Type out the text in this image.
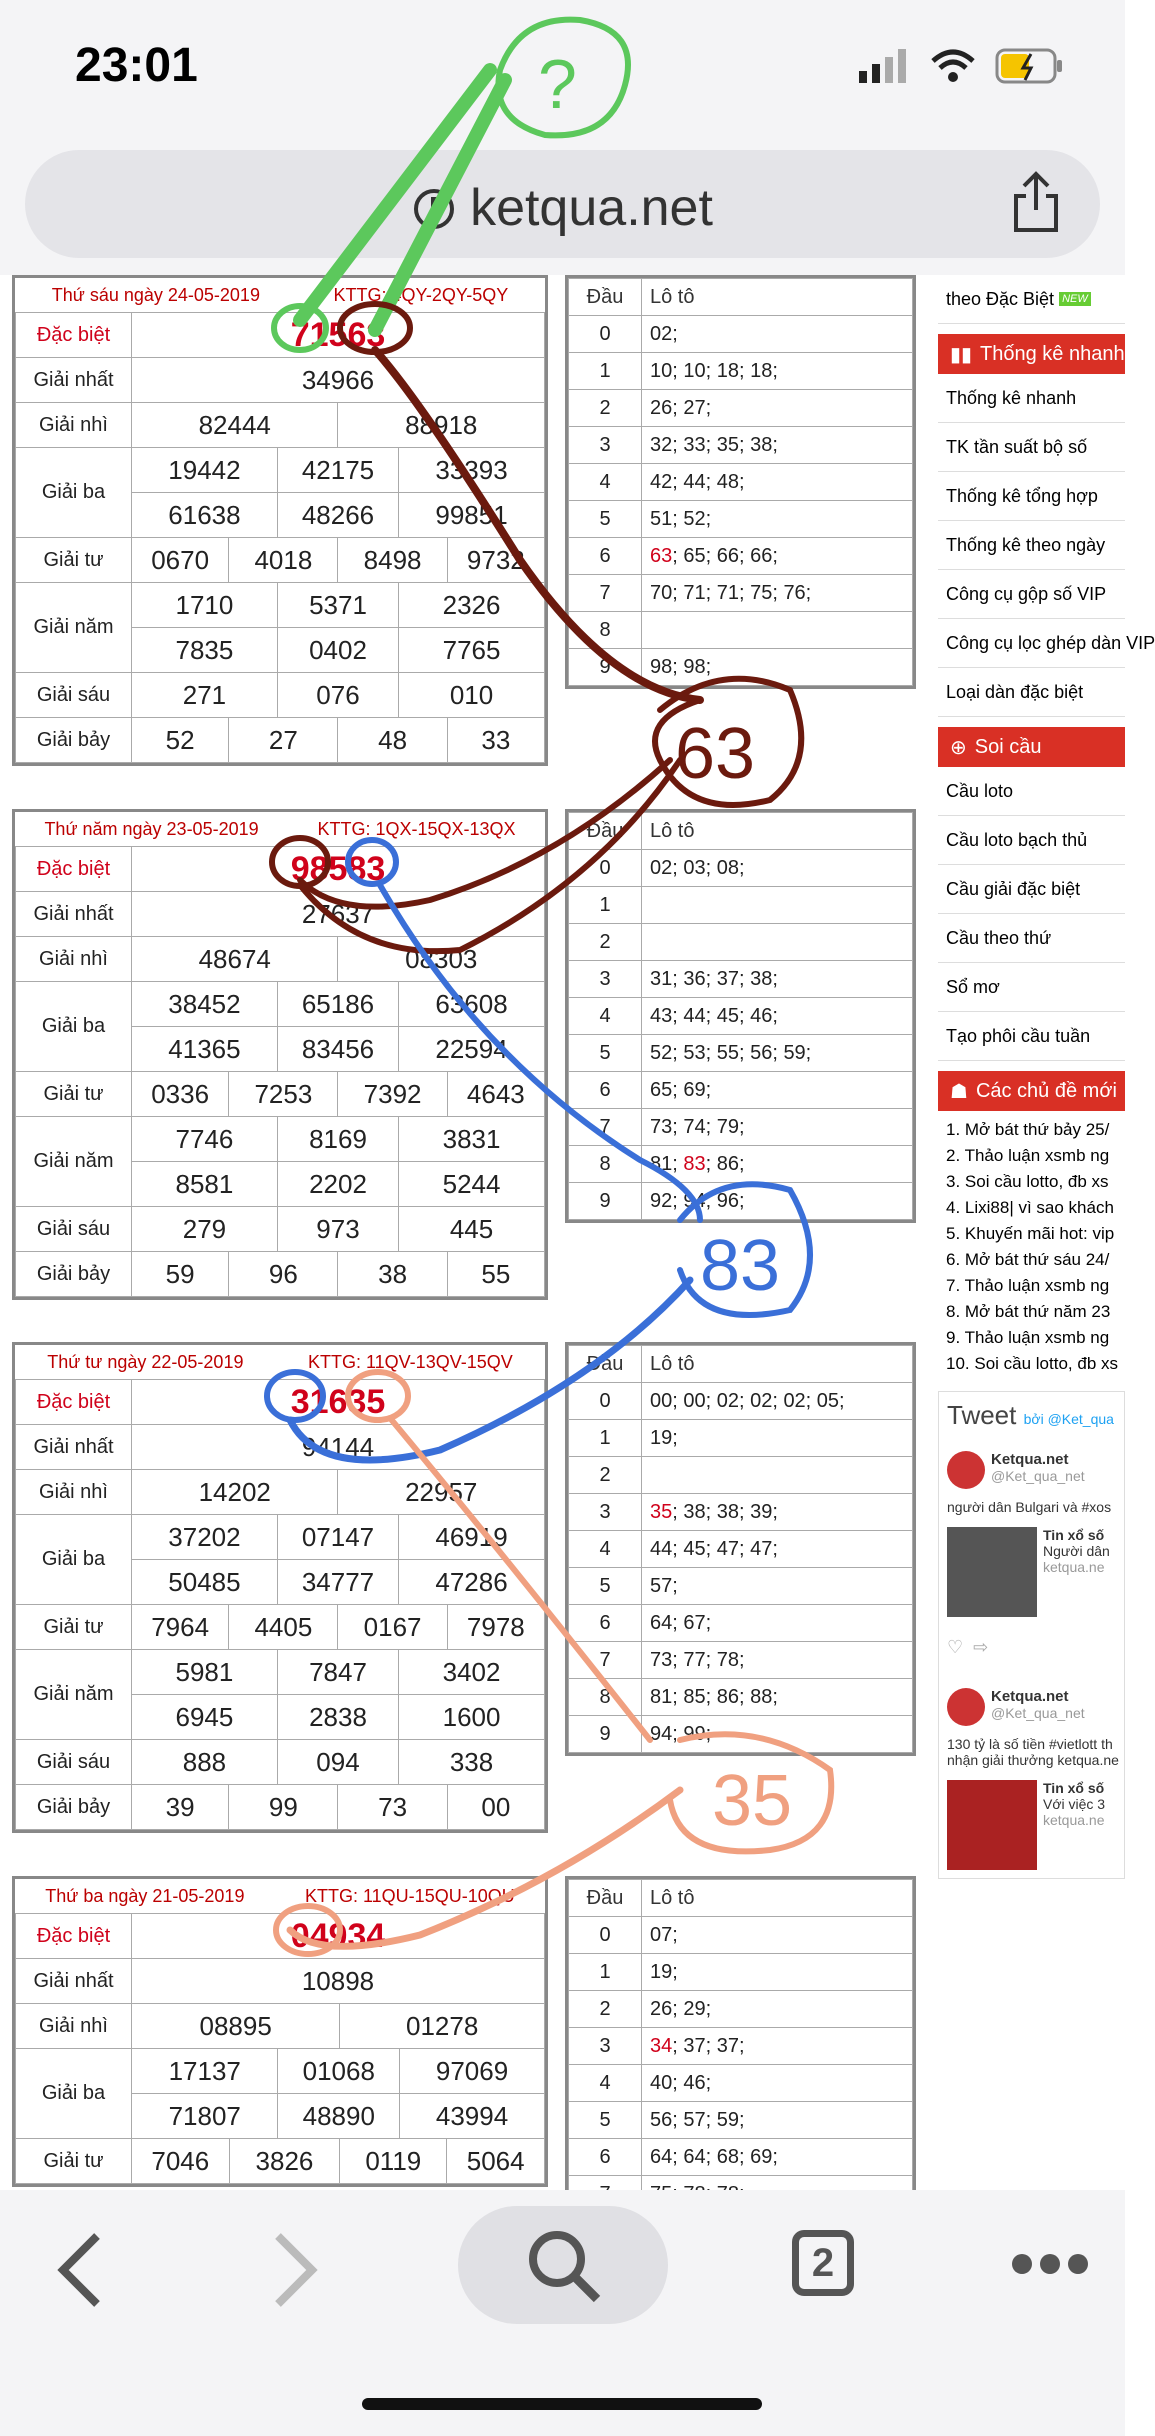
23:01
ketqua.net
Thứ sáu ngày 24-05-2019	KTTG: 4QY-2QY-5QY
Đặc biệt	71563					
Giải nhất	34966					
Giải nhì	82444			88918		
Giải ba	19442		42175		33393	
	61638		48266		99851	
Giải tư	0670	4018		8498		9732
Giải năm	1710		5371		2326	
	7835		0402		7765	
Giải sáu	271		076		010	
Giải bảy	52	27		48		33
Đầu	Lô tô
0	02;
1	10; 10; 18; 18;
2	26; 27;
3	32; 33; 35; 38;
4	42; 44; 48;
5	51; 52;
6	63; 65; 66; 66;
7	70; 71; 71; 75; 76;
8	
9	98; 98;
Thứ năm ngày 23-05-2019	KTTG: 1QX-15QX-13QX
Đặc biệt	98583					
Giải nhất	27637					
Giải nhì	48674			08303		
Giải ba	38452		65186		63608	
	41365		83456		22594	
Giải tư	0336	7253		7392		4643
Giải năm	7746		8169		3831	
	8581		2202		5244	
Giải sáu	279		973		445	
Giải bảy	59	96		38		55
Đầu	Lô tô
0	02; 03; 08;
1	
2	
3	31; 36; 37; 38;
4	43; 44; 45; 46;
5	52; 53; 55; 56; 59;
6	65; 69;
7	73; 74; 79;
8	81; 83; 86;
9	92; 94; 96;
Thứ tư ngày 22-05-2019	KTTG: 11QV-13QV-15QV
Đặc biệt	31635					
Giải nhất	94144					
Giải nhì	14202			22957		
Giải ba	37202		07147		46919	
	50485		34777		47286	
Giải tư	7964	4405		0167		7978
Giải năm	5981		7847		3402	
	6945		2838		1600	
Giải sáu	888		094		338	
Giải bảy	39	99		73		00
Đầu	Lô tô
0	00; 00; 02; 02; 02; 05;
1	19;
2	
3	35; 38; 38; 39;
4	44; 45; 47; 47;
5	57;
6	64; 67;
7	73; 77; 78;
8	81; 85; 86; 88;
9	94; 99;
Thứ ba ngày 21-05-2019	KTTG: 11QU-15QU-10QU
Đặc biệt	04934					
Giải nhất	10898					
Giải nhì	08895			01278		
Giải ba	17137		01068		97069	
	71807		48890		43994	
Giải tư	7046	3826		0119		5064
Đầu	Lô tô
0	07;
1	19;
2	26; 29;
3	34; 37; 37;
4	40; 46;
5	56; 57; 59;
6	64; 64; 68; 69;

theo Đặc Biệt
NEW
▮▮ Thống kê nhanh
Thống kê nhanh
TK tần suất bộ số
Thống kê tổng hợp
Thống kê theo ngày
Công cụ gộp số VIP
Công cụ lọc ghép dàn VIP
Loại dàn đặc biệt
⊕ Soi cầu
Cầu loto
Cầu loto bạch thủ
Cầu giải đặc biệt
Cầu theo thứ
Sổ mơ
Tạo phôi cầu tuần
☗ Các chủ đề mới
1. Mở bát thứ bảy 25/
2. Thảo luận xsmb ng
3. Soi cầu lotto, đb xs
4. Lixi88| vì sao khách
5. Khuyến mãi hot: vip
6. Mở bát thứ sáu 24/
7. Thảo luận xsmb ng
8. Mở bát thứ năm 23
9. Thảo luận xsmb ng
10. Soi cầu lotto, đb xs
Tweet bởi @Ket_qua
Ketqua.net
@Ket_qua_net
người dân Bulgari và #xos
Tin xổ số
Người dân
ketqua.ne
♡ ⇨
Ketqua.net
@Ket_qua_net
130 tỷ là số tiền #vietlott th
nhận giải thưởng ketqua.ne
Tin xổ số
Với việc 3
ketqua.ne
?
63
83
35
2
